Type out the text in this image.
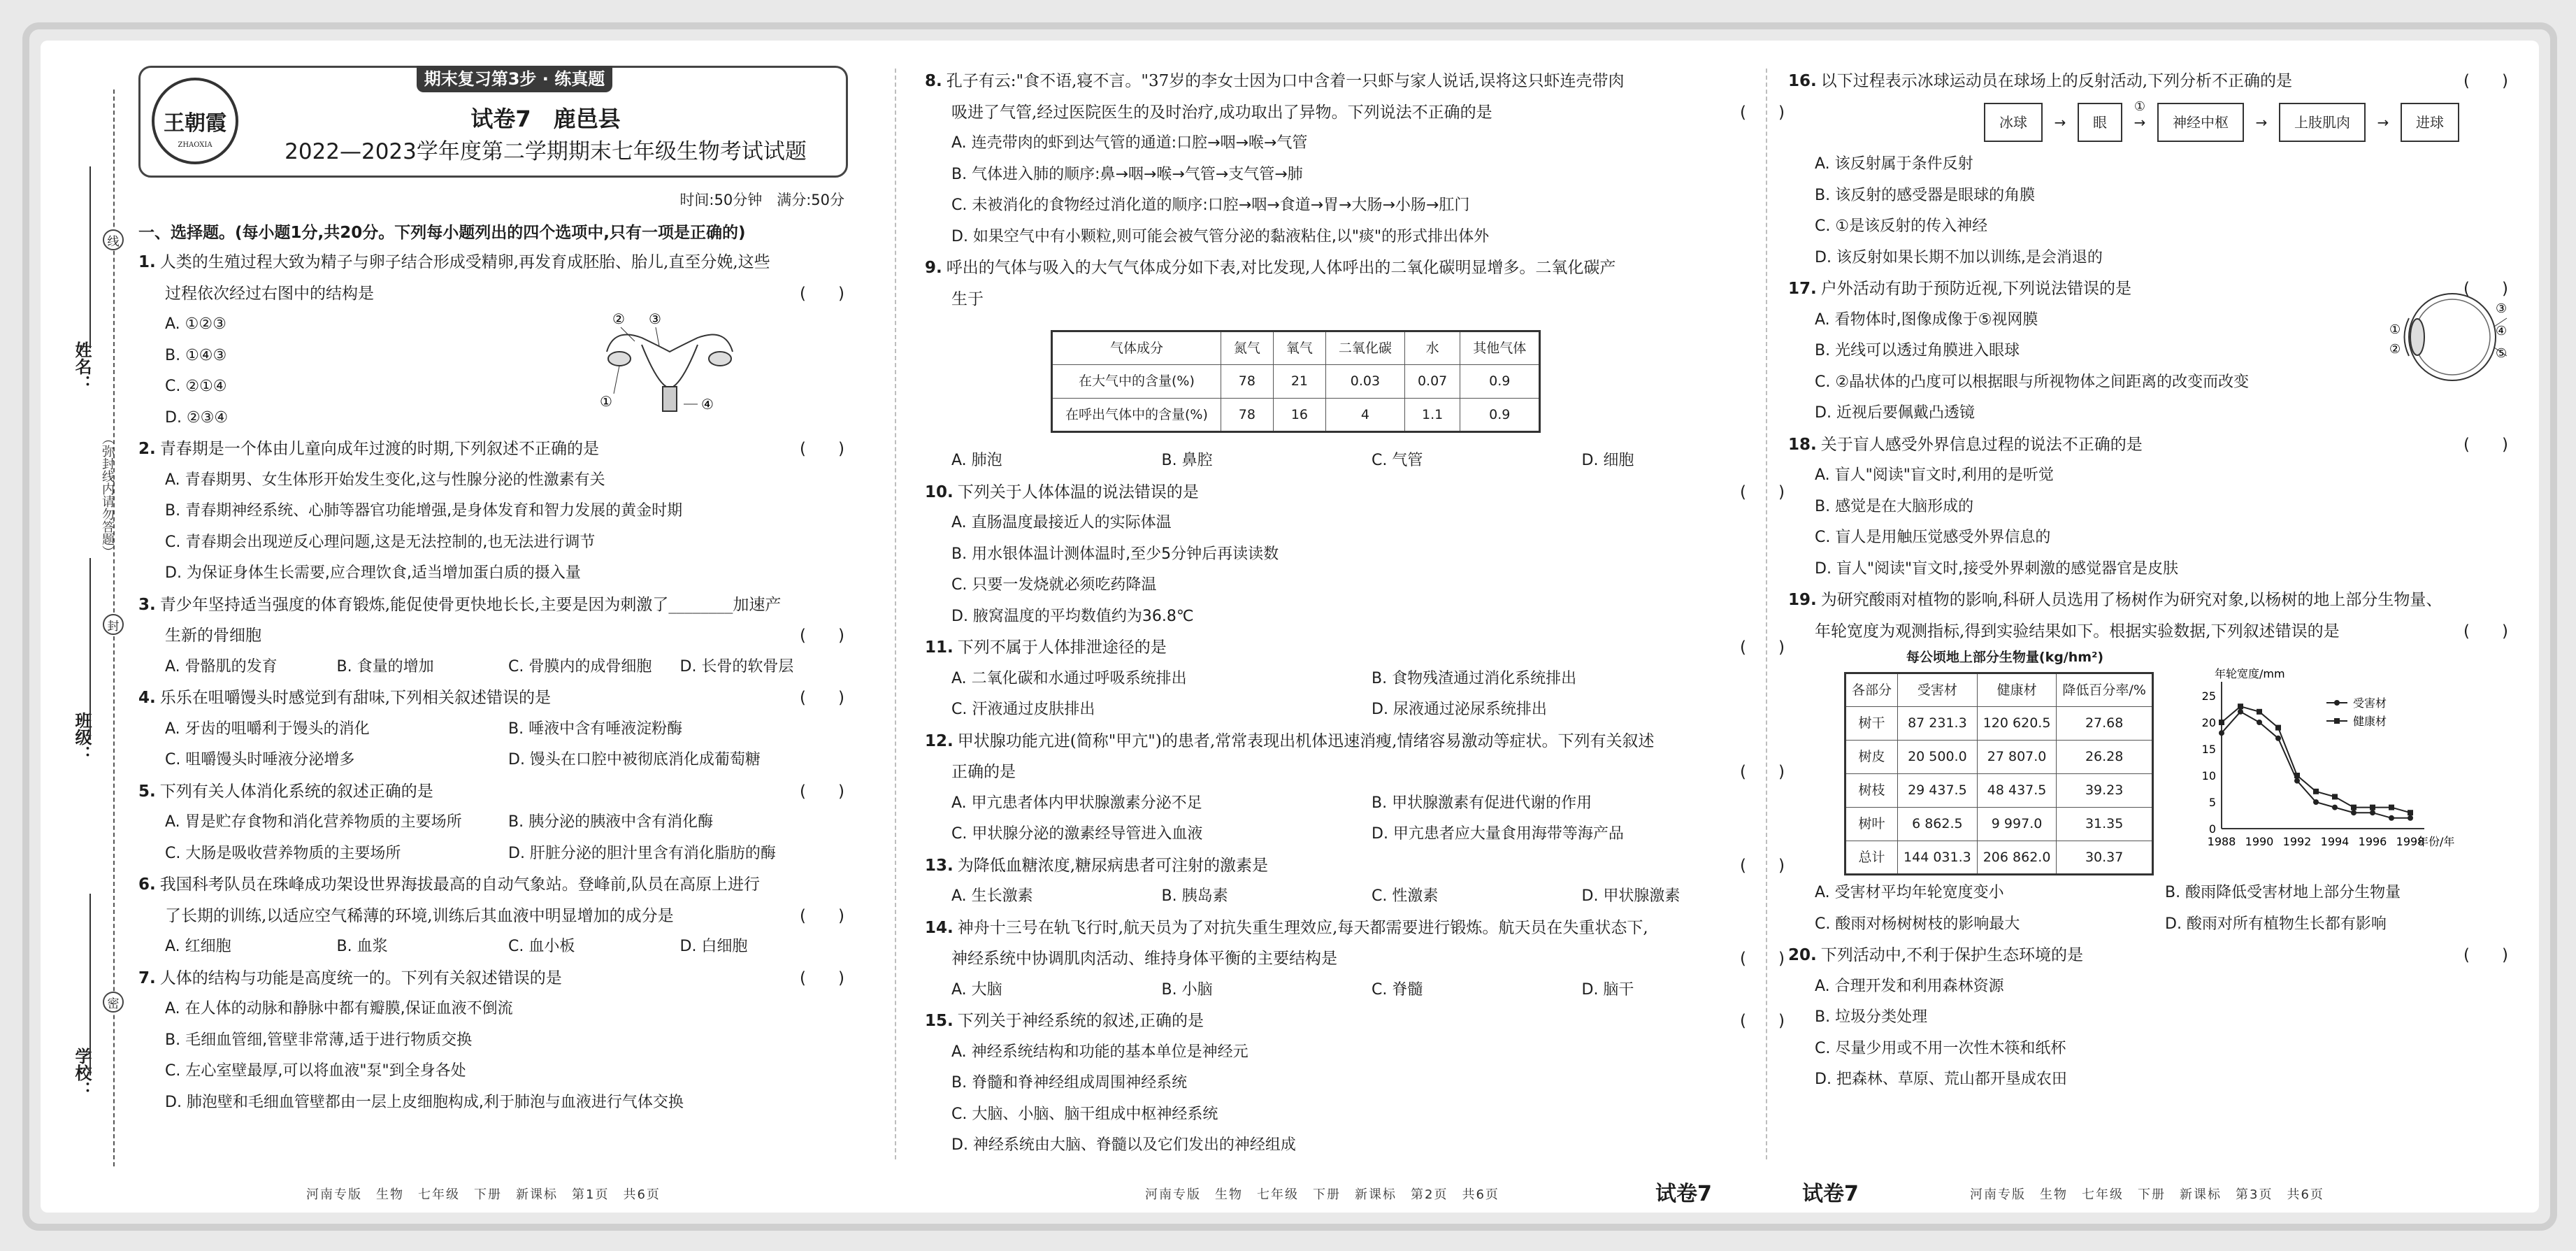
姓名：
（弥封线内请勿答题）
班级：
学校：
线
封
密
期末复习第3步 · 练真题
王朝霞
ZHAOXIA
试卷7　鹿邑县
2022—2023学年度第二学期期末七年级生物考试试题
时间:50分钟　满分:50分
一、选择题。(每小题1分,共20分。下列每小题列出的四个选项中,只有一项是正确的)
1. 人类的生殖过程大致为精子与卵子结合形成受精卵,再发育成胚胎、胎儿,直至分娩,这些
过程依次经过右图中的结构是	(　　)
A. ①②③
B. ①④③
C. ②①④
D. ②③④
② ③
①	④
2. 青春期是一个体由儿童向成年过渡的时期,下列叙述不正确的是	(　　)
A. 青春期男、女生体形开始发生变化,这与性腺分泌的性激素有关
B. 青春期神经系统、心肺等器官功能增强,是身体发育和智力发展的黄金时期
C. 青春期会出现逆反心理问题,这是无法控制的,也无法进行调节
D. 为保证身体生长需要,应合理饮食,适当增加蛋白质的摄入量
3. 青少年坚持适当强度的体育锻炼,能促使骨更快地长长,主要是因为刺激了________加速产
生新的骨细胞	(　　)
A. 骨骼肌的发育	B. 食量的增加	C. 骨膜内的成骨细胞	D. 长骨的软骨层
4. 乐乐在咀嚼馒头时感觉到有甜味,下列相关叙述错误的是	(　　)
A. 牙齿的咀嚼利于馒头的消化	B. 唾液中含有唾液淀粉酶
C. 咀嚼馒头时唾液分泌增多	D. 馒头在口腔中被彻底消化成葡萄糖
5. 下列有关人体消化系统的叙述正确的是	(　　)
A. 胃是贮存食物和消化营养物质的主要场所	B. 胰分泌的胰液中含有消化酶
C. 大肠是吸收营养物质的主要场所	D. 肝脏分泌的胆汁里含有消化脂肪的酶
6. 我国科考队员在珠峰成功架设世界海拔最高的自动气象站。登峰前,队员在高原上进行
了长期的训练,以适应空气稀薄的环境,训练后其血液中明显增加的成分是	(　　)
A. 红细胞	B. 血浆	C. 血小板	D. 白细胞
7. 人体的结构与功能是高度统一的。下列有关叙述错误的是	(　　)
A. 在人体的动脉和静脉中都有瓣膜,保证血液不倒流
B. 毛细血管细,管壁非常薄,适于进行物质交换
C. 左心室壁最厚,可以将血液"泵"到全身各处
D. 肺泡壁和毛细血管壁都由一层上皮细胞构成,利于肺泡与血液进行气体交换
河南专版　生物　七年级　下册　新课标　第1页　共6页
8. 孔子有云:"食不语,寝不言。"37岁的李女士因为口中含着一只虾与家人说话,误将这只虾连壳带肉
吸进了气管,经过医院医生的及时治疗,成功取出了异物。下列说法不正确的是	(　　)
A. 连壳带肉的虾到达气管的通道:口腔→咽→喉→气管
B. 气体进入肺的顺序:鼻→咽→喉→气管→支气管→肺
C. 未被消化的食物经过消化道的顺序:口腔→咽→食道→胃→大肠→小肠→肛门
D. 如果空气中有小颗粒,则可能会被气管分泌的黏液粘住,以"痰"的形式排出体外
9. 呼出的气体与吸入的大气气体成分如下表,对比发现,人体呼出的二氧化碳明显增多。二氧化碳产
生于
气体成分	氮气	氧气	二氧化碳	水	其他气体
在大气中的含量(%)	78	21	0.03	0.07	0.9
在呼出气体中的含量(%)	78	16	4	1.1	0.9
A. 肺泡	B. 鼻腔	C. 气管	D. 细胞
10. 下列关于人体体温的说法错误的是	(　　)
A. 直肠温度最接近人的实际体温
B. 用水银体温计测体温时,至少5分钟后再读读数
C. 只要一发烧就必须吃药降温
D. 腋窝温度的平均数值约为36.8℃
11. 下列不属于人体排泄途径的是	(　　)
A. 二氧化碳和水通过呼吸系统排出	B. 食物残渣通过消化系统排出
C. 汗液通过皮肤排出	D. 尿液通过泌尿系统排出
12. 甲状腺功能亢进(简称"甲亢")的患者,常常表现出机体迅速消瘦,情绪容易激动等症状。下列有关叙述
正确的是	(　　)
A. 甲亢患者体内甲状腺激素分泌不足	B. 甲状腺激素有促进代谢的作用
C. 甲状腺分泌的激素经导管进入血液	D. 甲亢患者应大量食用海带等海产品
13. 为降低血糖浓度,糖尿病患者可注射的激素是	(　　)
A. 生长激素	B. 胰岛素	C. 性激素	D. 甲状腺激素
14. 神舟十三号在轨飞行时,航天员为了对抗失重生理效应,每天都需要进行锻炼。航天员在失重状态下,
神经系统中协调肌肉活动、维持身体平衡的主要结构是	(　　)
A. 大脑	B. 小脑	C. 脊髓	D. 脑干
15. 下列关于神经系统的叙述,正确的是	(　　)
A. 神经系统结构和功能的基本单位是神经元
B. 脊髓和脊神经组成周围神经系统
C. 大脑、小脑、脑干组成中枢神经系统
D. 神经系统由大脑、脊髓以及它们发出的神经组成
河南专版　生物　七年级　下册　新课标　第2页　共6页	试卷7
16. 以下过程表示冰球运动员在球场上的反射活动,下列分析不正确的是	(　　)
冰球 →	眼
①
→
神经中枢 →	上肢肌肉 →	进球
A. 该反射属于条件反射
B. 该反射的感受器是眼球的角膜
C. ①是该反射的传入神经
D. 该反射如果长期不加以训练,是会消退的
17. 户外活动有助于预防近视,下列说法错误的是	(　　)
A. 看物体时,图像成像于⑤视网膜
B. 光线可以透过角膜进入眼球
C. ②晶状体的凸度可以根据眼与所视物体之间距离的改变而改变
D. 近视后要佩戴凸透镜
③
④
⑤
①
②
18. 关于盲人感受外界信息过程的说法不正确的是	(　　)
A. 盲人"阅读"盲文时,利用的是听觉
B. 感觉是在大脑形成的
C. 盲人是用触压觉感受外界信息的
D. 盲人"阅读"盲文时,接受外界刺激的感觉器官是皮肤
19. 为研究酸雨对植物的影响,科研人员选用了杨树作为研究对象,以杨树的地上部分生物量、
年轮宽度为观测指标,得到实验结果如下。根据实验数据,下列叙述错误的是	(　　)
每公顷地上部分生物量(kg/hm²)
各部分	受害材	健康材	降低百分率/%
树干	87 231.3	120 620.5	27.68
树皮	20 500.0	27 807.0	26.28
树枝	29 437.5	48 437.5	39.23
树叶	6 862.5	9 997.0	31.35
总计	144 031.3	206 862.0	30.37
年轮宽度/mm
年份/年
0
5
10
15
20
25
1988 1990 1992 1994 1996 1998
受害材
健康材
A. 受害材平均年轮宽度变小	B. 酸雨降低受害材地上部分生物量
C. 酸雨对杨树树枝的影响最大	D. 酸雨对所有植物生长都有影响
20. 下列活动中,不利于保护生态环境的是	(　　)
A. 合理开发和利用森林资源
B. 垃圾分类处理
C. 尽量少用或不用一次性木筷和纸杯
D. 把森林、草原、荒山都开垦成农田
试卷7	河南专版　生物　七年级　下册　新课标　第3页　共6页
